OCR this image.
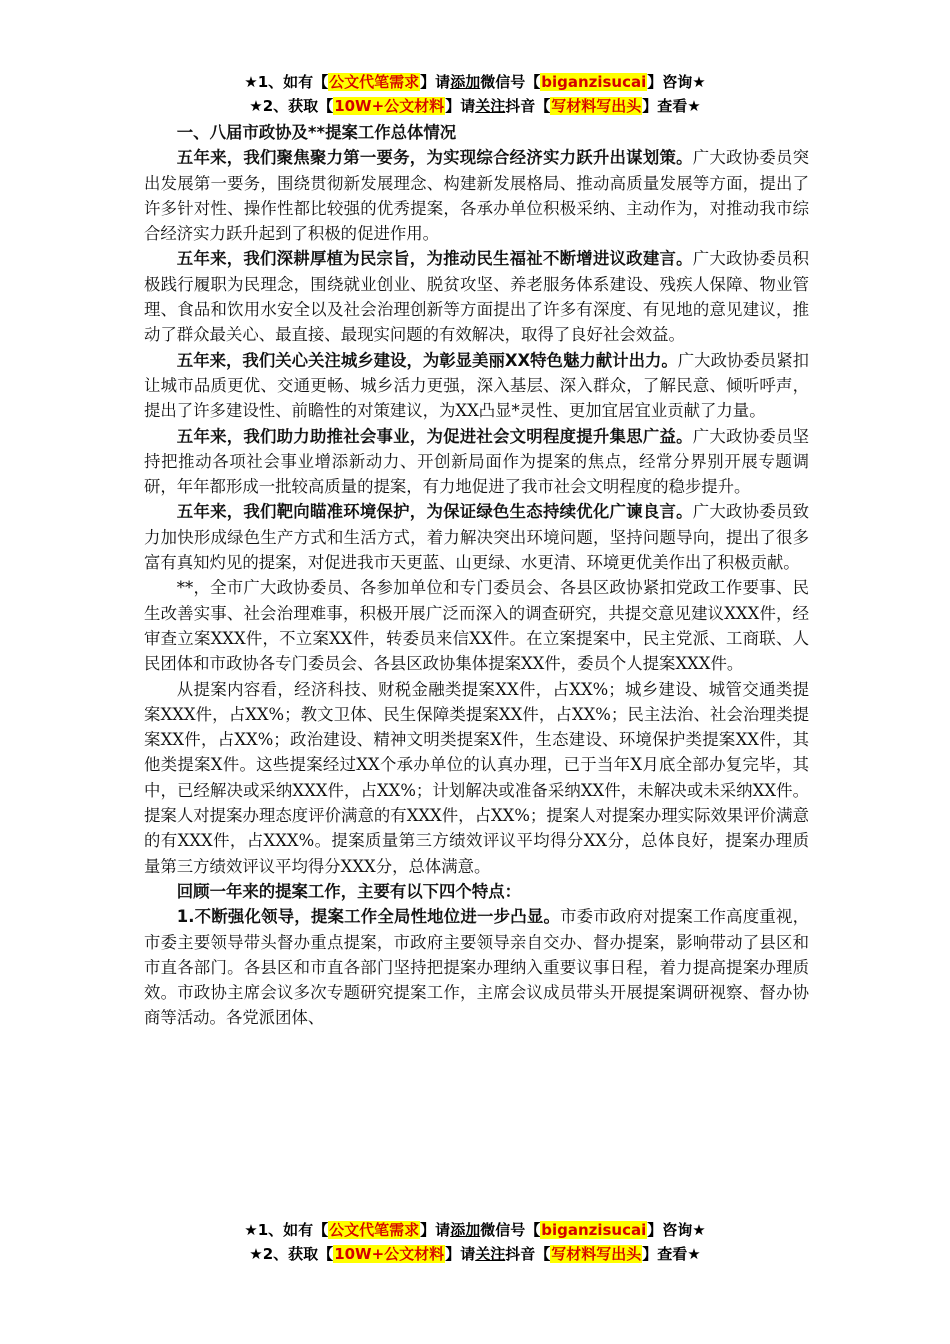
★1、如有【公文代笔需求】请添加微信号【biganzisucai】咨询★
★2、获取【10W+公文材料】请关注抖音【写材料写出头】查看★

一、八届市政协及**提案工作总体情况

五年来，我们聚焦聚力第一要务，为实现综合经济实力跃升出谋划策。广大政协委员突出发展第一要务，围绕贯彻新发展理念、构建新发展格局、推动高质量发展等方面，提出了许多针对性、操作性都比较强的优秀提案，各承办单位积极采纳、主动作为，对推动我市综合经济实力跃升起到了积极的促进作用。

五年来，我们深耕厚植为民宗旨，为推动民生福祉不断增进议政建言。广大政协委员积极践行履职为民理念，围绕就业创业、脱贫攻坚、养老服务体系建设、残疾人保障、物业管理、食品和饮用水安全以及社会治理创新等方面提出了许多有深度、有见地的意见建议，推动了群众最关心、最直接、最现实问题的有效解决，取得了良好社会效益。

五年来，我们关心关注城乡建设，为彰显美丽XX特色魅力献计出力。广大政协委员紧扣让城市品质更优、交通更畅、城乡活力更强，深入基层、深入群众，了解民意、倾听呼声，提出了许多建设性、前瞻性的对策建议，为XX凸显*灵性、更加宜居宜业贡献了力量。

五年来，我们助力助推社会事业，为促进社会文明程度提升集思广益。广大政协委员坚持把推动各项社会事业增添新动力、开创新局面作为提案的焦点，经常分界别开展专题调研，年年都形成一批较高质量的提案，有力地促进了我市社会文明程度的稳步提升。

五年来，我们靶向瞄准环境保护，为保证绿色生态持续优化广谏良言。广大政协委员致力加快形成绿色生产方式和生活方式，着力解决突出环境问题，坚持问题导向，提出了很多富有真知灼见的提案，对促进我市天更蓝、山更绿、水更清、环境更优美作出了积极贡献。

**，全市广大政协委员、各参加单位和专门委员会、各县区政协紧扣党政工作要事、民生改善实事、社会治理难事，积极开展广泛而深入的调查研究，共提交意见建议XXX件，经审查立案XXX件，不立案XX件，转委员来信XX件。在立案提案中，民主党派、工商联、人民团体和市政协各专门委员会、各县区政协集体提案XX件，委员个人提案XXX件。

从提案内容看，经济科技、财税金融类提案XX件，占XX%；城乡建设、城管交通类提案XXX件，占XX%；教文卫体、民生保障类提案XX件，占XX%；民主法治、社会治理类提案XX件，占XX%；政治建设、精神文明类提案X件，生态建设、环境保护类提案XX件，其他类提案X件。这些提案经过XX个承办单位的认真办理，已于当年X月底全部办复完毕，其中，已经解决或采纳XXX件，占XX%；计划解决或准备采纳XX件，未解决或未采纳XX件。提案人对提案办理态度评价满意的有XXX件，占XX%；提案人对提案办理实际效果评价满意的有XXX件，占XXX%。提案质量第三方绩效评议平均得分XX分，总体良好，提案办理质量第三方绩效评议平均得分XXX分，总体满意。

回顾一年来的提案工作，主要有以下四个特点：

1.不断强化领导，提案工作全局性地位进一步凸显。市委市政府对提案工作高度重视，市委主要领导带头督办重点提案，市政府主要领导亲自交办、督办提案，影响带动了县区和市直各部门。各县区和市直各部门坚持把提案办理纳入重要议事日程，着力提高提案办理质效。市政协主席会议多次专题研究提案工作，主席会议成员带头开展提案调研视察、督办协商等活动。各党派团体、

★1、如有【公文代笔需求】请添加微信号【biganzisucai】咨询★
★2、获取【10W+公文材料】请关注抖音【写材料写出头】查看★
